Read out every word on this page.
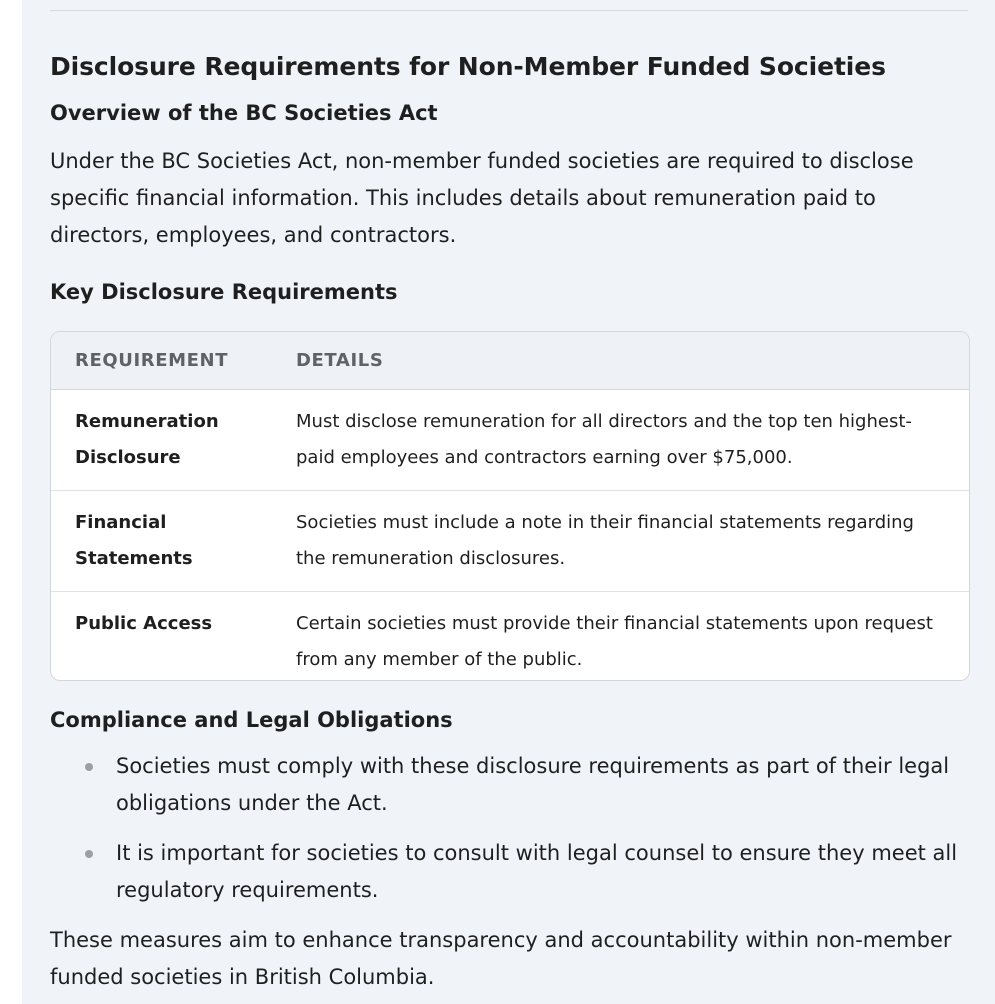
Disclosure Requirements for Non-Member Funded Societies
Overview of the BC Societies Act

Under the BC Societies Act, non-member funded societies are required to disclose specific financial information. This includes details about remuneration paid to directors, employees, and contractors.

Key Disclosure Requirements
REQUIREMENT	DETAILS
Remuneration Disclosure	Must disclose remuneration for all directors and the top ten highest-paid employees and contractors earning over $75,000.
Financial Statements	Societies must include a note in their financial statements regarding the remuneration disclosures.
Public Access	Certain societies must provide their financial statements upon request from any member of the public.
Compliance and Legal Obligations
Societies must comply with these disclosure requirements as part of their legal obligations under the Act.
It is important for societies to consult with legal counsel to ensure they meet all regulatory requirements.

These measures aim to enhance transparency and accountability within non-member funded societies in British Columbia.
